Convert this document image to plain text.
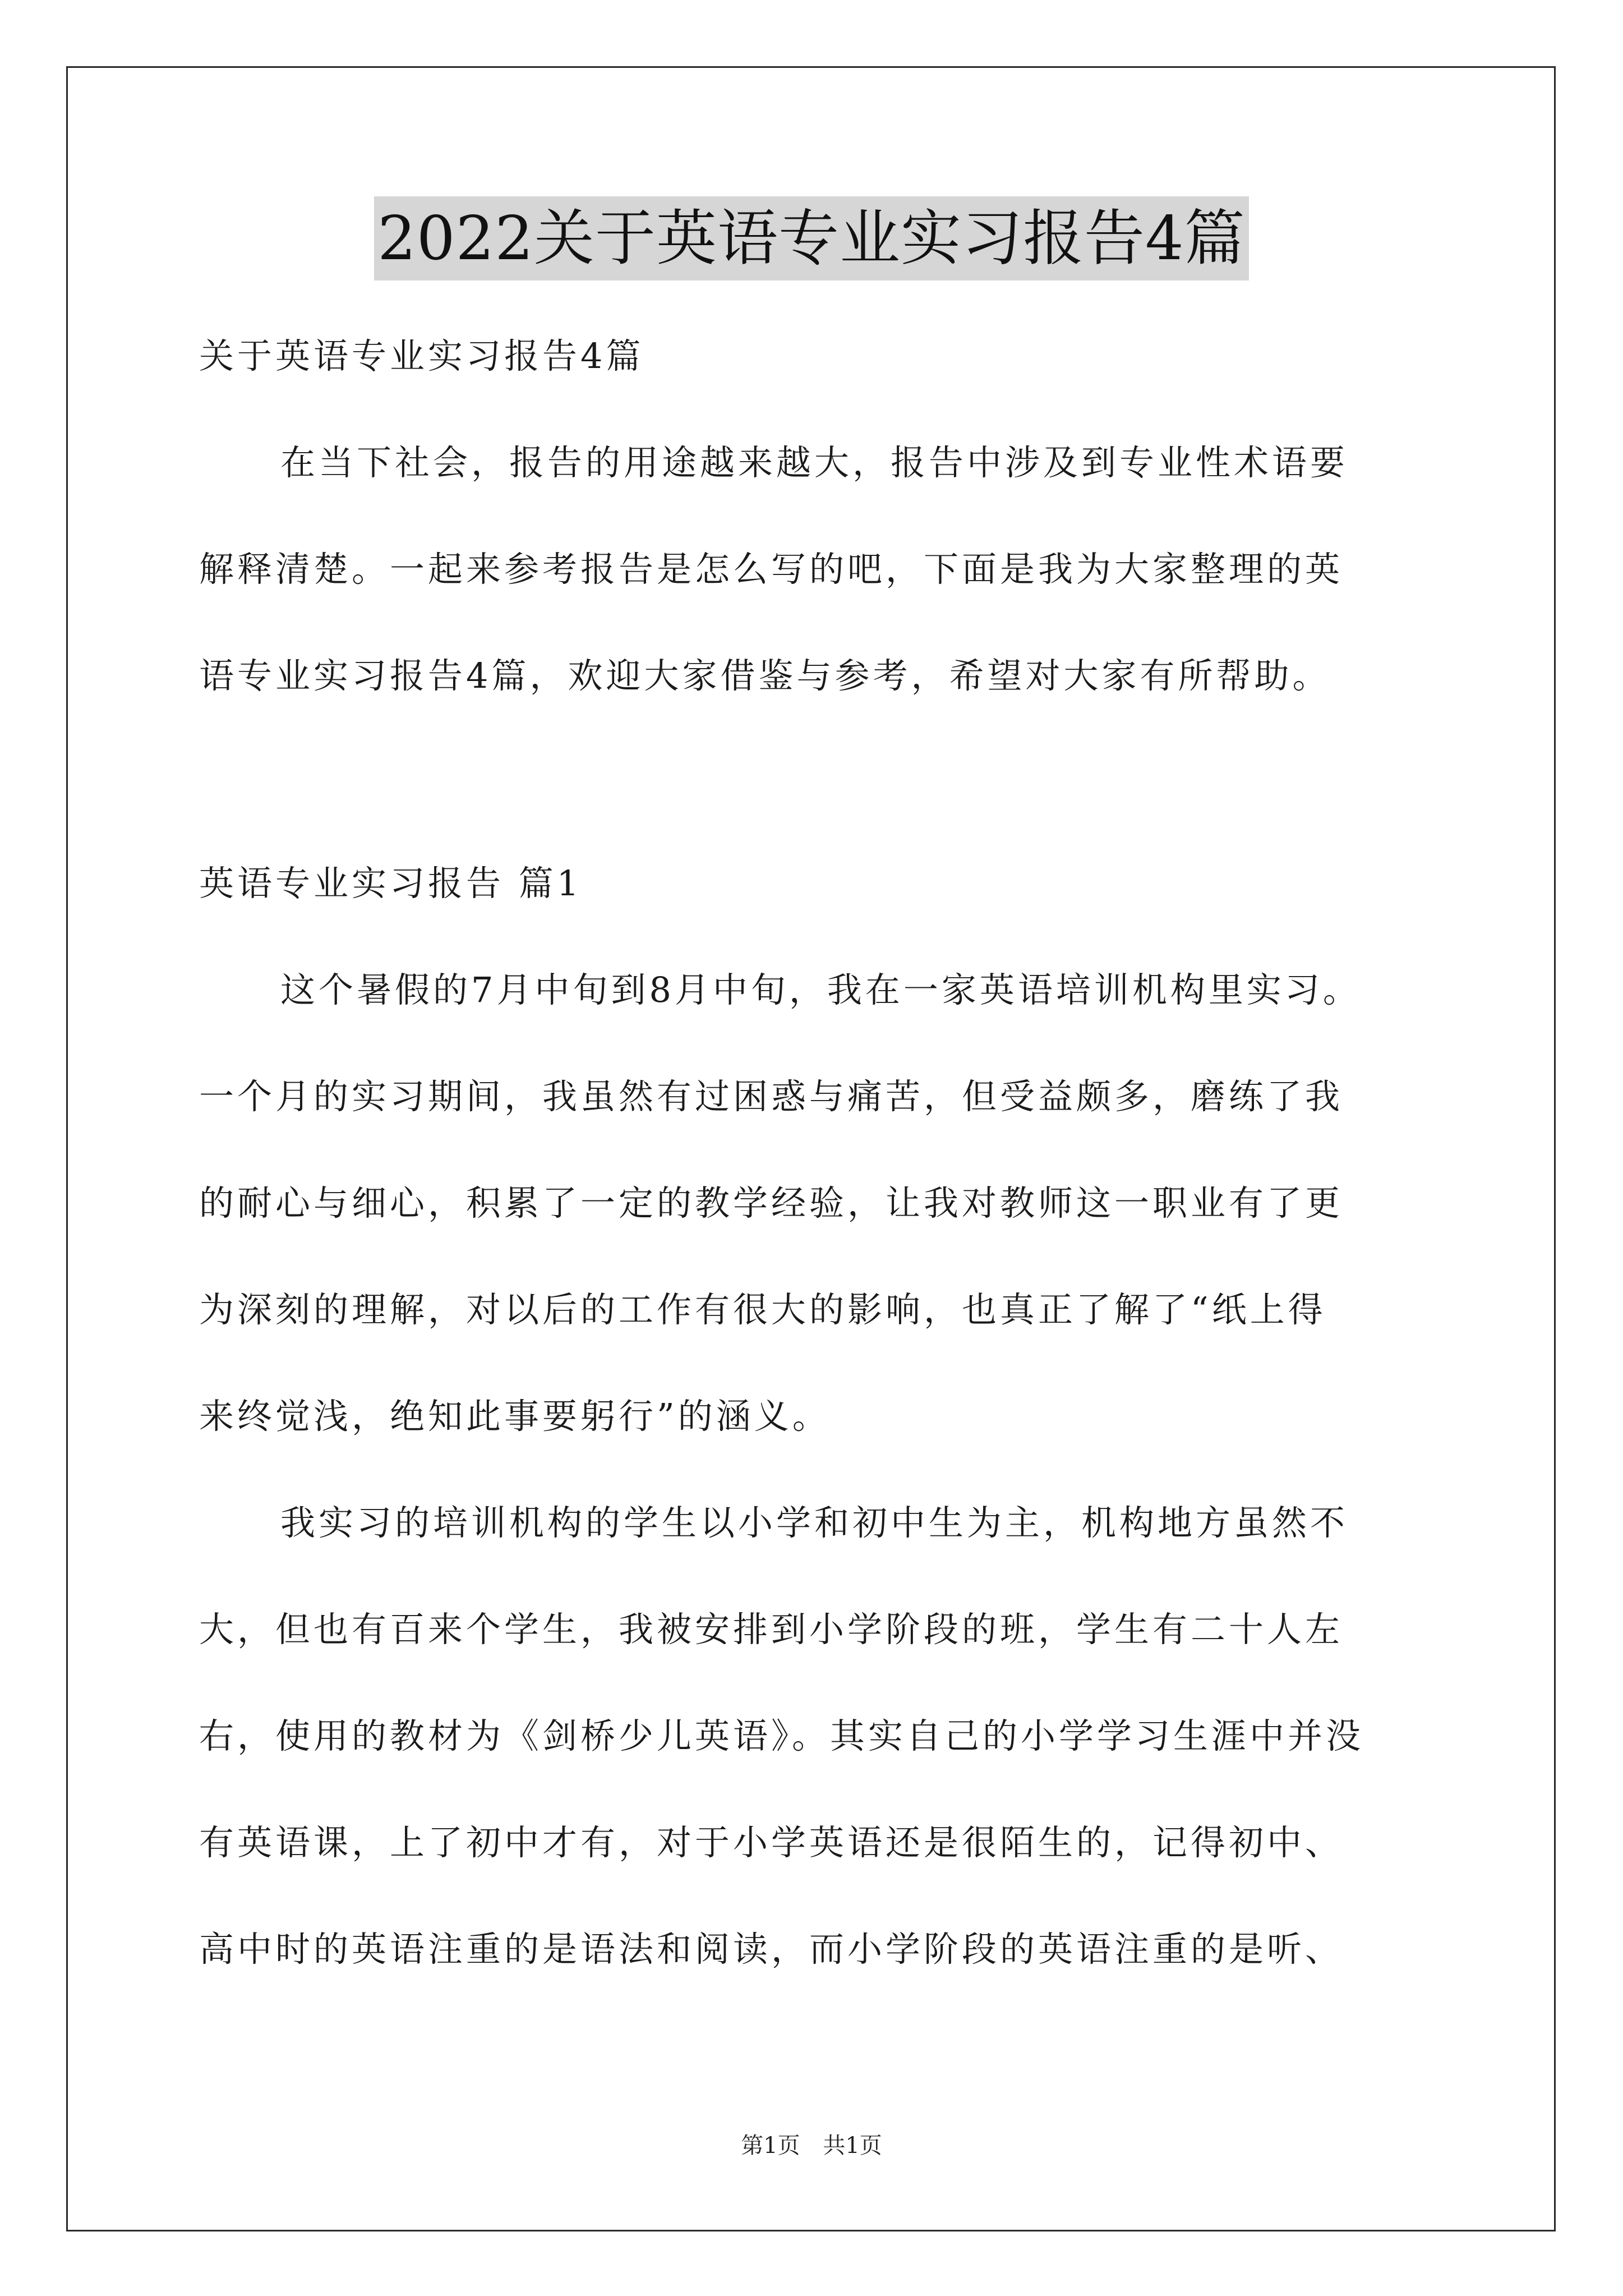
2022关于英语专业实习报告4篇
关于英语专业实习报告4篇
在当下社会，报告的用途越来越大，报告中涉及到专业性术语要
解释清楚。一起来参考报告是怎么写的吧，下面是我为大家整理的英
语专业实习报告4篇，欢迎大家借鉴与参考，希望对大家有所帮助。
英语专业实习报告 篇1
这个暑假的7月中旬到8月中旬，我在一家英语培训机构里实习。
一个月的实习期间，我虽然有过困惑与痛苦，但受益颇多，磨练了我
的耐心与细心，积累了一定的教学经验，让我对教师这一职业有了更
为深刻的理解，对以后的工作有很大的影响，也真正了解了“纸上得
来终觉浅，绝知此事要躬行”的涵义。
我实习的培训机构的学生以小学和初中生为主，机构地方虽然不
大，但也有百来个学生，我被安排到小学阶段的班，学生有二十人左
右，使用的教材为《剑桥少儿英语》。其实自己的小学学习生涯中并没
有英语课，上了初中才有，对于小学英语还是很陌生的，记得初中、
高中时的英语注重的是语法和阅读，而小学阶段的英语注重的是听、
第1页 共1页
